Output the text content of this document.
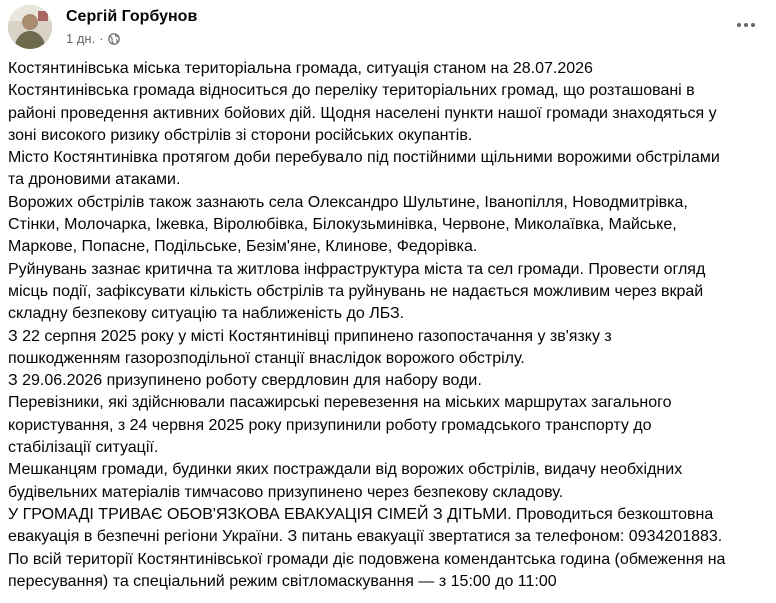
Сергій Горбунов
1 дн. ·

Костянтинівська міська територіальна громада, ситуація станом на 28.07.2026

Костянтинівська громада відноситься до переліку територіальних громад, що розташовані в

районі проведення активних бойових дій. Щодня населені пункти нашої громади знаходяться у

зоні високого ризику обстрілів зі сторони російських окупантів.

Місто Костянтинівка протягом доби перебувало під постійними щільними ворожими обстрілами

та дроновими атаками.

Ворожих обстрілів також зазнають села Олександро Шультине, Іванопілля, Новодмитрівка,

Стінки, Молочарка, Іжевка, Віролюбівка, Білокузьминівка, Червоне, Миколаївка, Майське,

Маркове, Попасне, Подільське, Безім'яне, Клинове, Федорівка.

Руйнувань зазнає критична та житлова інфраструктура міста та сел громади. Провести огляд

місць події, зафіксувати кількість обстрілів та руйнувань не надається можливим через вкрай

складну безпекову ситуацію та наближеність до ЛБЗ.

З 22 серпня 2025 року у місті Костянтинівці припинено газопостачання у зв'язку з

пошкодженням газорозподільної станції внаслідок ворожого обстрілу.

З 29.06.2026 призупинено роботу свердловин для набору води.

Перевізники, які здійснювали пасажирські перевезення на міських маршрутах загального

користування, з 24 червня 2025 року призупинили роботу громадського транспорту до

стабілізації ситуації.

Мешканцям громади, будинки яких постраждали від ворожих обстрілів, видачу необхідних

будівельних матеріалів тимчасово призупинено через безпекову складову.

У ГРОМАДІ ТРИВАЄ ОБОВ'ЯЗКОВА ЕВАКУАЦІЯ СІМЕЙ З ДІТЬМИ. Проводиться безкоштовна

евакуація в безпечні регіони України. З питань евакуації звертатися за телефоном: 0934201883.

По всій території Костянтинівської громади діє подовжена комендантська година (обмеження на

пересування) та спеціальний режим світломаскування — з 15:00 до 11:00
